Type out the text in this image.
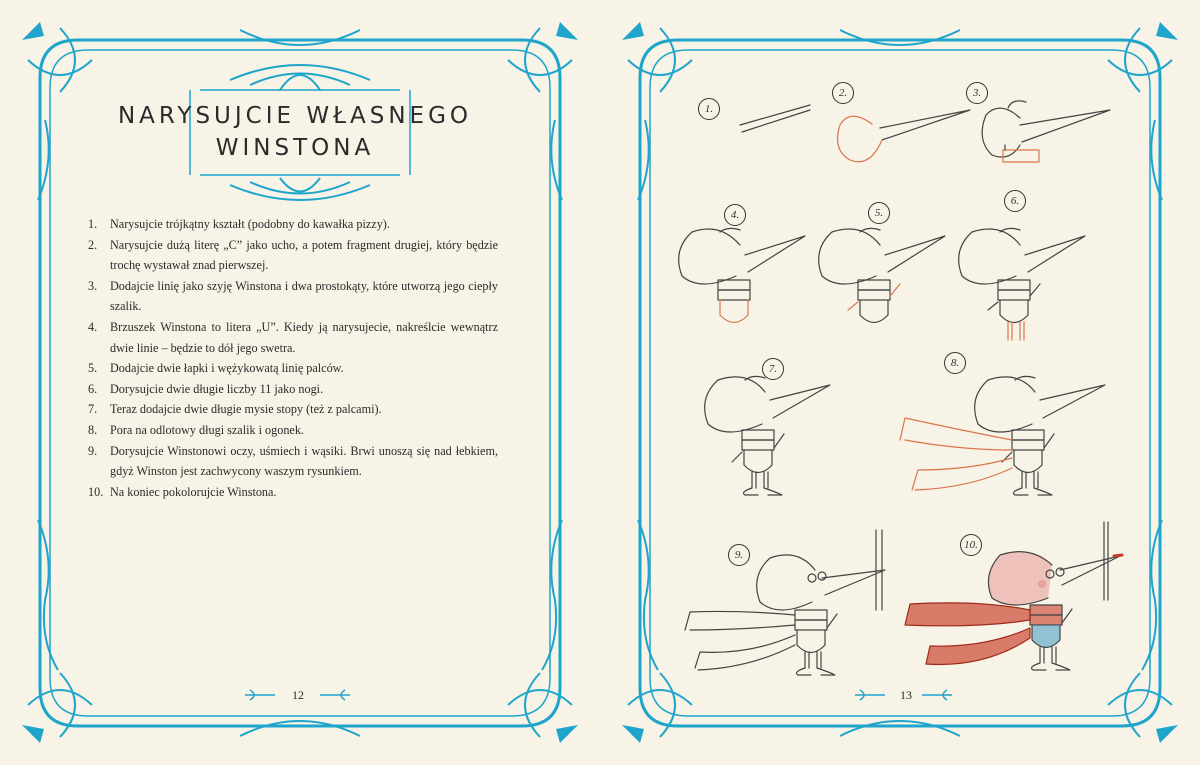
NARYSUJCIE WŁASNEGO
WINSTONA
1.	Narysujcie trójkątny kształt (podobny do kawałka pizzy).
2.	Narysujcie dużą literę „C” jako ucho, a potem fragment drugiej, który będzie trochę wystawał znad pierwszej.
3.	Dodajcie linię jako szyję Winstona i dwa prostokąty, które utworzą jego ciepły szalik.
4.	Brzuszek Winstona to litera „U”. Kiedy ją narysujecie, nakreślcie wewnątrz dwie linie – będzie to dół jego swetra.
5.	Dodajcie dwie łapki i wężykowatą linię palców.
6.	Dorysujcie dwie długie liczby 11 jako nogi.
7.	Teraz dodajcie dwie długie mysie stopy (też z palcami).
8.	Pora na odlotowy długi szalik i ogonek.
9.	Dorysujcie Winstonowi oczy, uśmiech i wąsiki. Brwi unoszą się nad łebkiem, gdyż Winston jest zachwycony waszym rysunkiem.
10. Na koniec pokolorujcie Winstona.
12
1.
2.	3.
4.	5.
6.
7.	8.
9.
10.
13
